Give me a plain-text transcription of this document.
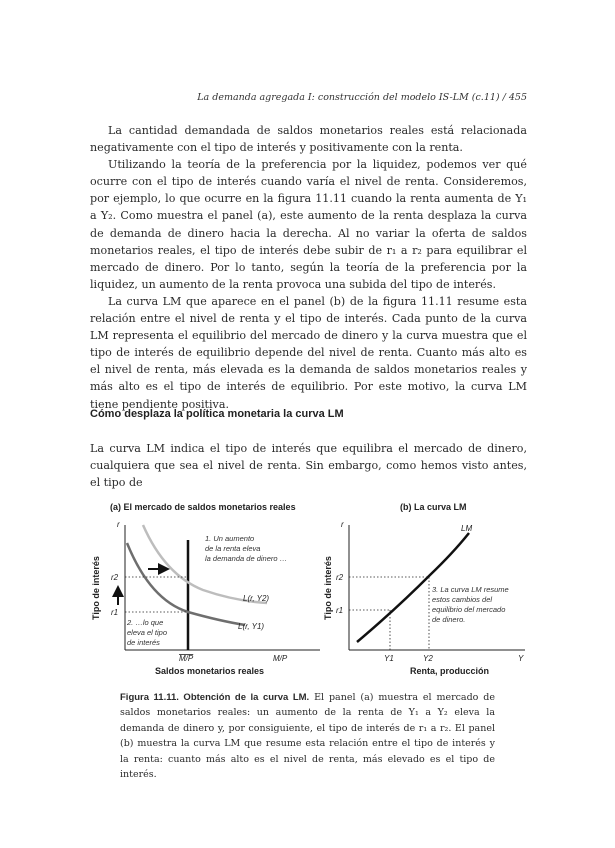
La demanda agregada I: construcción del modelo IS-LM (c.11) / 455

La cantidad demandada de saldos monetarios reales está relacionada negativamente con el tipo de interés y positivamente con la renta.

Utilizando la teoría de la preferencia por la liquidez, podemos ver qué ocurre con el tipo de interés cuando varía el nivel de renta. Consideremos, por ejemplo, lo que ocurre en la figura 11.11 cuando la renta aumenta de Y₁ a Y₂. Como muestra el panel (a), este aumento de la renta desplaza la curva de demanda de dinero hacia la derecha. Al no variar la oferta de saldos monetarios reales, el tipo de interés debe subir de r₁ a r₂ para equilibrar el mercado de dinero. Por lo tanto, según la teoría de la preferencia por la liquidez, un aumento de la renta provoca una subida del tipo de interés.

La curva LM que aparece en el panel (b) de la figura 11.11 resume esta relación entre el nivel de renta y el tipo de interés. Cada punto de la curva LM representa el equilibrio del mercado de dinero y la curva muestra que el tipo de interés de equilibrio depende del nivel de renta. Cuanto más alto es el nivel de renta, más elevada es la demanda de saldos monetarios reales y más alto es el tipo de interés de equilibrio. Por este motivo, la curva LM tiene pendiente positiva.

Cómo desplaza la política monetaria la curva LM

La curva LM indica el tipo de interés que equilibra el mercado de dinero, cualquiera que sea el nivel de renta. Sin embargo, como hemos visto antes, el tipo de

(a) El mercado de saldos monetarios reales
r
Tipo de interés r2
r1
1. Un aumento de la renta eleva la demanda de dinero …
2. …lo que eleva el tipo de interés
L(r, Y2)
L(r, Y1)
M/P	M/P
Saldos monetarios reales
(b) La curva LM
r
Tipo de interés
LM
r2
r1
Y1	Y2	Y
Renta, producción
3. La curva LM resume estos cambios del equilibrio del mercado de dinero.
Figura 11.11. Obtención de la curva LM. El panel (a) muestra el mercado de saldos monetarios reales: un aumento de la renta de Y₁ a Y₂ eleva la demanda de dinero y, por consiguiente, el tipo de interés de r₁ a r₂. El panel (b) muestra la curva LM que resume esta relación entre el tipo de interés y la renta: cuanto más alto es el nivel de renta, más elevado es el tipo de interés.
